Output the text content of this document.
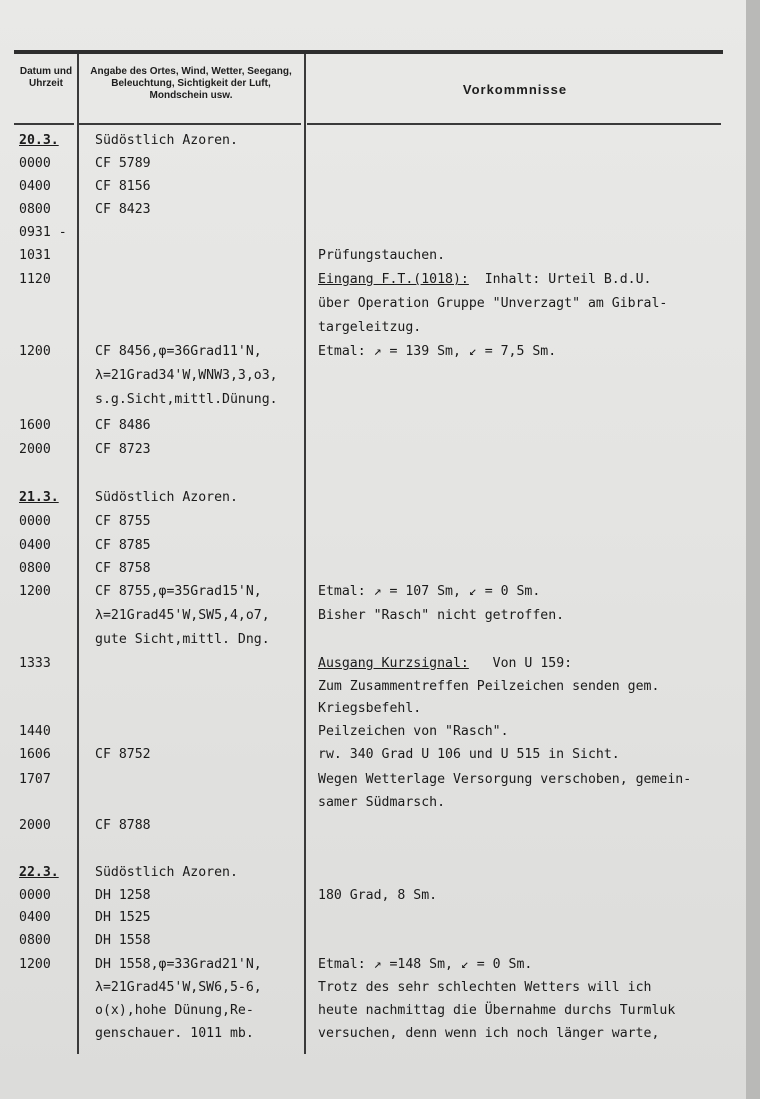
Datum und Uhrzeit
Angabe des Ortes, Wind, Wetter, Seegang, Beleuchtung, Sichtigkeit der Luft, Mondschein usw.	Vorkommnisse
20.3.
0000
0400
0800
0931 -
1031
1120
1200
1600
2000
21.3.
0000
0400
0800
1200
1333
1440
1606
1707
2000
22.3.
0000
0400
0800
1200
Südöstlich Azoren.
CF 5789
CF 8156
CF 8423
CF 8456,φ=36Grad11'N,
λ=21Grad34'W,WNW3,3,o3,
s.g.Sicht,mittl.Dünung.
CF 8486
CF 8723
Südöstlich Azoren.
CF 8755
CF 8785
CF 8758
CF 8755,φ=35Grad15'N,
λ=21Grad45'W,SW5,4,o7,
gute Sicht,mittl. Dng.
CF 8752
CF 8788
Südöstlich Azoren.
DH 1258
DH 1525
DH 1558
DH 1558,φ=33Grad21'N,
λ=21Grad45'W,SW6,5-6,
o(x),hohe Dünung,Re-
genschauer. 1011 mb.
Prüfungstauchen.
Eingang F.T.(1018):  Inhalt: Urteil B.d.U.
über Operation Gruppe "Unverzagt" am Gibral-
targeleitzug.
Etmal: ↗ = 139 Sm, ↙ = 7,5 Sm.
Etmal: ↗ = 107 Sm, ↙ = 0 Sm.
Bisher "Rasch" nicht getroffen.
Ausgang Kurzsignal:   Von U 159:
Zum Zusammentreffen Peilzeichen senden gem.
Kriegsbefehl.
Peilzeichen von "Rasch".
rw. 340 Grad U 106 und U 515 in Sicht.
Wegen Wetterlage Versorgung verschoben, gemein-
samer Südmarsch.
180 Grad, 8 Sm.
Etmal: ↗ =148 Sm, ↙ = 0 Sm.
Trotz des sehr schlechten Wetters will ich
heute nachmittag die Übernahme durchs Turmluk
versuchen, denn wenn ich noch länger warte,
